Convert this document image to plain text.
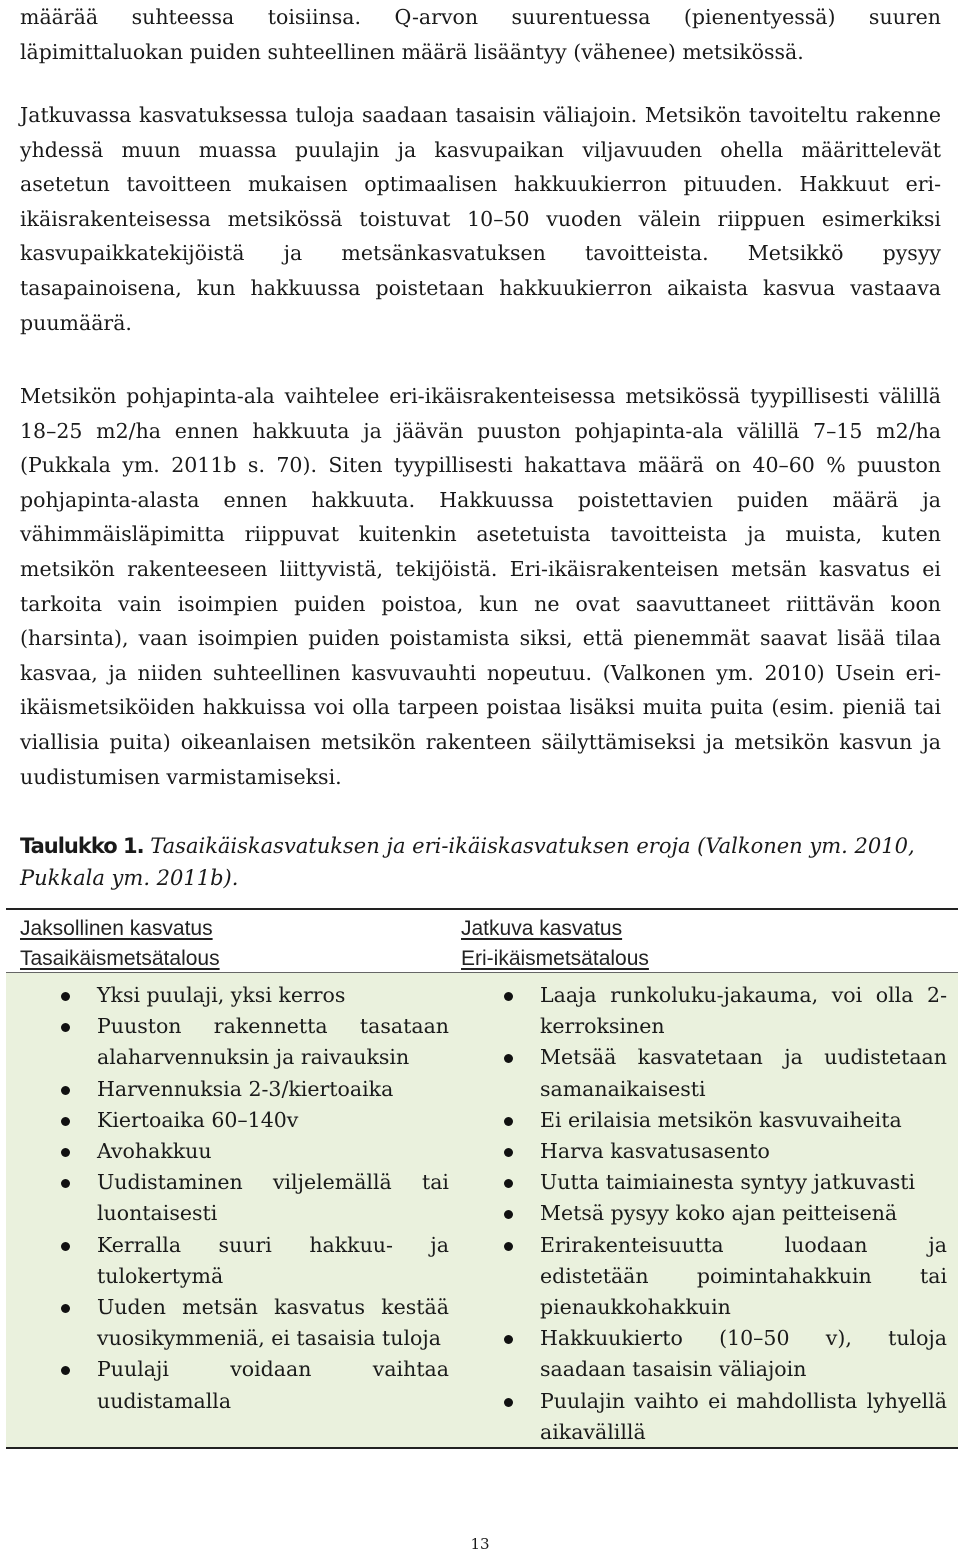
määrää suhteessa toisiinsa. Q-arvon suurentuessa (pienentyessä) suuren läpimittaluokan puiden suhteellinen määrä lisääntyy (vähenee) metsikössä.

Jatkuvassa kasvatuksessa tuloja saadaan tasaisin väliajoin. Metsikön tavoiteltu rakenne yhdessä muun muassa puulajin ja kasvupaikan viljavuuden ohella määrittelevät asetetun tavoitteen mukaisen optimaalisen hakkuukierron pituuden. Hakkuut eri-ikäisrakenteisessa metsikössä toistuvat 10–50 vuoden välein riippuen esimerkiksi kasvupaikkatekijöistä ja metsänkasvatuksen tavoitteista. Metsikkö pysyy tasapainoisena, kun hakkuussa poistetaan hakkuukierron aikaista kasvua vastaava puumäärä.

Metsikön pohjapinta-ala vaihtelee eri-ikäisrakenteisessa metsikössä tyypillisesti välillä 18–25 m2/ha ennen hakkuuta ja jäävän puuston pohjapinta-ala välillä 7–15 m2/ha (Pukkala ym. 2011b s. 70). Siten tyypillisesti hakattava määrä on 40–60 % puuston pohjapinta-alasta ennen hakkuuta. Hakkuussa poistettavien puiden määrä ja vähimmäisläpimitta riippuvat kuitenkin asetetuista tavoitteista ja muista, kuten metsikön rakenteeseen liittyvistä, tekijöistä. Eri-ikäisrakenteisen metsän kasvatus ei tarkoita vain isoimpien puiden poistoa, kun ne ovat saavuttaneet riittävän koon (harsinta), vaan isoimpien puiden poistamista siksi, että pienemmät saavat lisää tilaa kasvaa, ja niiden suhteellinen kasvuvauhti nopeutuu. (Valkonen ym. 2010) Usein eri-ikäismetsiköiden hakkuissa voi olla tarpeen poistaa lisäksi muita puita (esim. pieniä tai viallisia puita) oikeanlaisen metsikön rakenteen säilyttämiseksi ja metsikön kasvun ja uudistumisen varmistamiseksi.

Taulukko 1. Tasaikäiskasvatuksen ja eri-ikäiskasvatuksen eroja (Valkonen ym. 2010, Pukkala ym. 2011b).

Jaksollinen kasvatus
Tasaikäismetsätalous
Jatkuva kasvatus
Eri-ikäismetsätalous
Yksi puulaji, yksi kerros
Puuston rakennetta tasataan alaharvennuksin ja raivauksin
Harvennuksia 2-3/kiertoaika
Kiertoaika 60–140v
Avohakkuu
Uudistaminen viljelemällä tai luontaisesti
Kerralla suuri hakkuu- ja tulokertymä
Uuden metsän kasvatus kestää vuosikymmeniä, ei tasaisia tuloja
Puulaji voidaan vaihtaa uudistamalla
Laaja runkoluku-jakauma, voi olla 2-kerroksinen
Metsää kasvatetaan ja uudistetaan samanaikaisesti
Ei erilaisia metsikön kasvuvaiheita
Harva kasvatusasento
Uutta taimiainesta syntyy jatkuvasti
Metsä pysyy koko ajan peitteisenä
Erirakenteisuutta luodaan ja edistetään poimintahakkuin tai pienaukkohakkuin
Hakkuukierto (10–50 v), tuloja saadaan tasaisin väliajoin
Puulajin vaihto ei mahdollista lyhyellä aikavälillä
13
